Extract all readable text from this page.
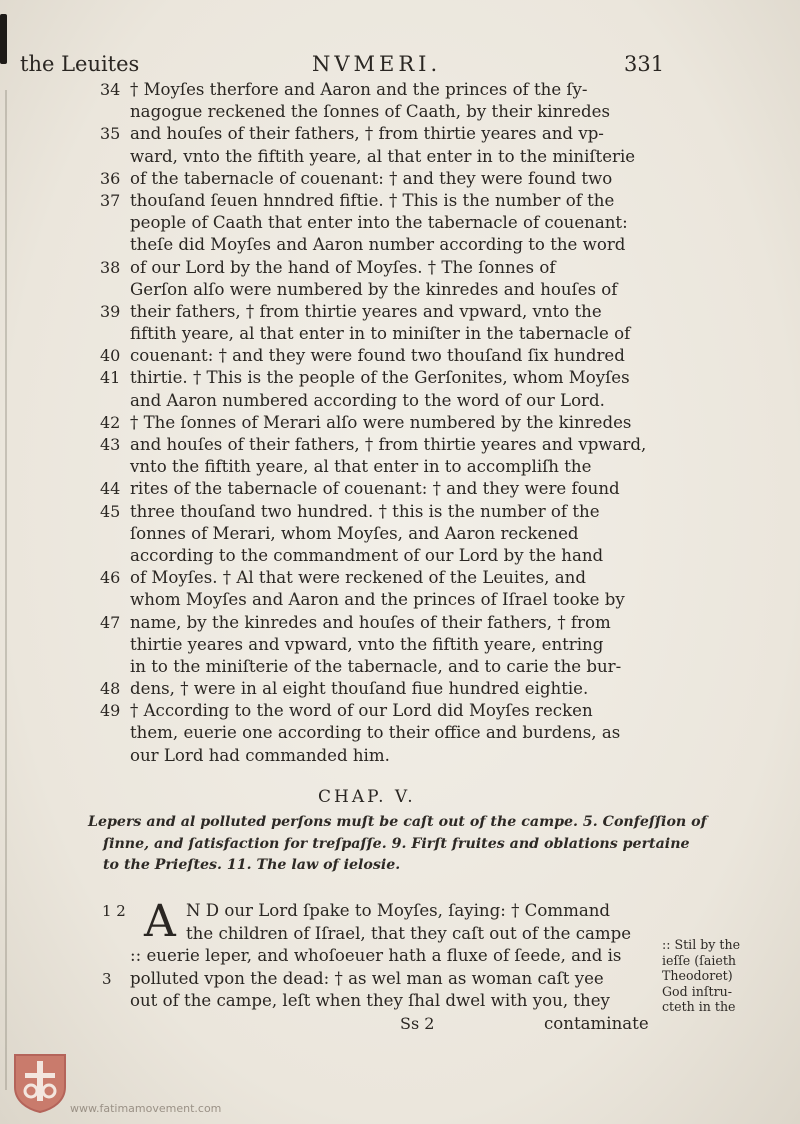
the Leuites	NVMERI.	331
34 † Moyſes therfore and Aaron and the princes of the ſy-
nagogue reckened the ſonnes of Caath, by their kinredes
35 and houſes of their fathers, † from thirtie yeares and vp-
ward, vnto the fiftith yeare, al that enter in to the miniſterie
36 of the tabernacle of couenant: † and they were found two
37 thouſand ſeuen hnndred fiftie. † This is the number of the
people of Caath that enter into the tabernacle of couenant:
theſe did Moyſes and Aaron number according to the word
38 of our Lord by the hand of Moyſes. † The ſonnes of
Gerſon alſo were numbered by the kinredes and houſes of
39 their fathers, † from thirtie yeares and vpward, vnto the
fiftith yeare, al that enter in to miniſter in the tabernacle of
40 couenant: † and they were found two thouſand ſix hundred
41 thirtie. † This is the people of the Gerſonites, whom Moyſes
and Aaron numbered according to the word of our Lord.
42 † The ſonnes of Merari alſo were numbered by the kinredes
43 and houſes of their fathers, † from thirtie yeares and vpward,
vnto the fiftith yeare, al that enter in to accompliſh the
44 rites of the tabernacle of couenant: † and they were found
45 three thouſand two hundred. † this is the number of the
ſonnes of Merari, whom Moyſes, and Aaron reckened
according to the commandment of our Lord by the hand
46 of Moyſes. † Al that were reckened of the Leuites, and
whom Moyſes and Aaron and the princes of Iſrael tooke by
47 name, by the kinredes and houſes of their fathers, † from
thirtie yeares and vpward, vnto the fiftith yeare, entring
in to the miniſterie of the tabernacle, and to carie the bur-
48 dens, † were in al eight thouſand fiue hundred eightie.
49 † According to the word of our Lord did Moyſes recken
them, euerie one according to their office and burdens, as
our Lord had commanded him.
CHAP. V.
Lepers and al polluted perſons muſt be caſt out of the campe. 5. Confeſſion of
ſinne, and ſatisfaction for treſpaſſe. 9. Firſt fruites and oblations pertaine
to the Prieſtes. 11. The law of ielosie.
A
1 2	N D our Lord ſpake to Moyſes, ſaying: † Command
the children of Iſrael, that they caſt out of the campe
:: euerie leper, and whoſoeuer hath a fluxe of ſeede, and is
3 polluted vpon the dead: † as wel man as woman caſt yee
out of the campe, leſt when they ſhal dwel with you, they
:: Stil by the
ieſſe (ſaieth
Theodoret)
God inſtru-
cteth in the
Ss 2	contaminate
www.fatimamovement.com
